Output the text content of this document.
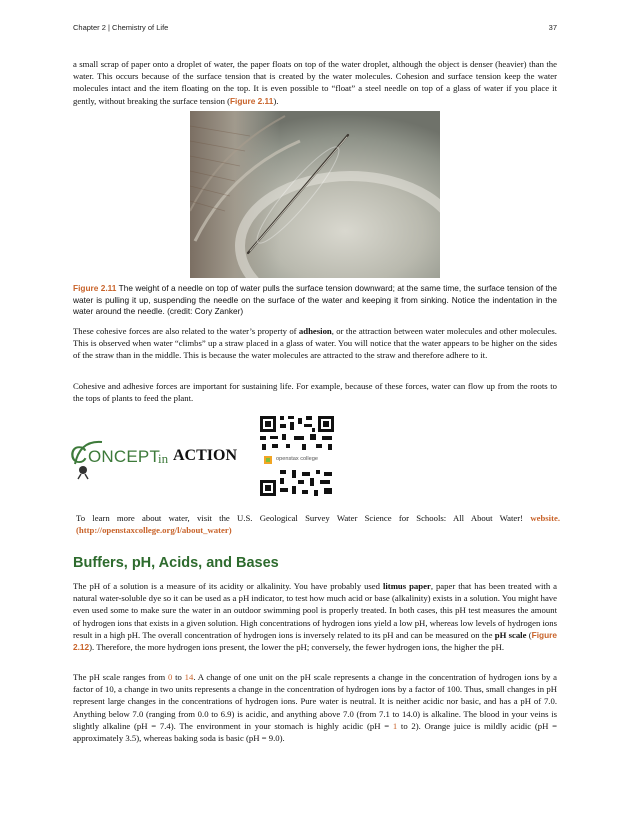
Chapter 2 | Chemistry of Life	37

a small scrap of paper onto a droplet of water, the paper floats on top of the water droplet, although the object is denser (heavier) than the water. This occurs because of the surface tension that is created by the water molecules. Cohesion and surface tension keep the water molecules intact and the item floating on the top. It is even possible to “float” a steel needle on top of a glass of water if you place it gently, without breaking the surface tension (Figure 2.11).

Figure 2.11 The weight of a needle on top of water pulls the surface tension downward; at the same time, the surface tension of the water is pulling it up, suspending the needle on the surface of the water and keeping it from sinking. Notice the indentation in the water around the needle. (credit: Cory Zanker)

These cohesive forces are also related to the water’s property of adhesion, or the attraction between water molecules and other molecules. This is observed when water “climbs” up a straw placed in a glass of water. You will notice that the water appears to be higher on the sides of the straw than in the middle. This is because the water molecules are attracted to the straw and therefore adhere to it.

Cohesive and adhesive forces are important for sustaining life. For example, because of these forces, water can flow up from the roots to the tops of plants to feed the plant.

C ONCEPT
in ACTION	openstax college

To learn more about water, visit the U.S. Geological Survey Water Science for Schools: All About Water! website. (http://openstaxcollege.org/l/about_water)

Buffers, pH, Acids, and Bases

The pH of a solution is a measure of its acidity or alkalinity. You have probably used litmus paper, paper that has been treated with a natural water-soluble dye so it can be used as a pH indicator, to test how much acid or base (alkalinity) exists in a solution. You might have even used some to make sure the water in an outdoor swimming pool is properly treated. In both cases, this pH test measures the amount of hydrogen ions that exists in a given solution. High concentrations of hydrogen ions yield a low pH, whereas low levels of hydrogen ions result in a high pH. The overall concentration of hydrogen ions is inversely related to its pH and can be measured on the pH scale (Figure 2.12). Therefore, the more hydrogen ions present, the lower the pH; conversely, the fewer hydrogen ions, the higher the pH.

The pH scale ranges from 0 to 14. A change of one unit on the pH scale represents a change in the concentration of hydrogen ions by a factor of 10, a change in two units represents a change in the concentration of hydrogen ions by a factor of 100. Thus, small changes in pH represent large changes in the concentrations of hydrogen ions. Pure water is neutral. It is neither acidic nor basic, and has a pH of 7.0. Anything below 7.0 (ranging from 0.0 to 6.9) is acidic, and anything above 7.0 (from 7.1 to 14.0) is alkaline. The blood in your veins is slightly alkaline (pH = 7.4). The environment in your stomach is highly acidic (pH = 1 to 2). Orange juice is mildly acidic (pH = approximately 3.5), whereas baking soda is basic (pH = 9.0).
